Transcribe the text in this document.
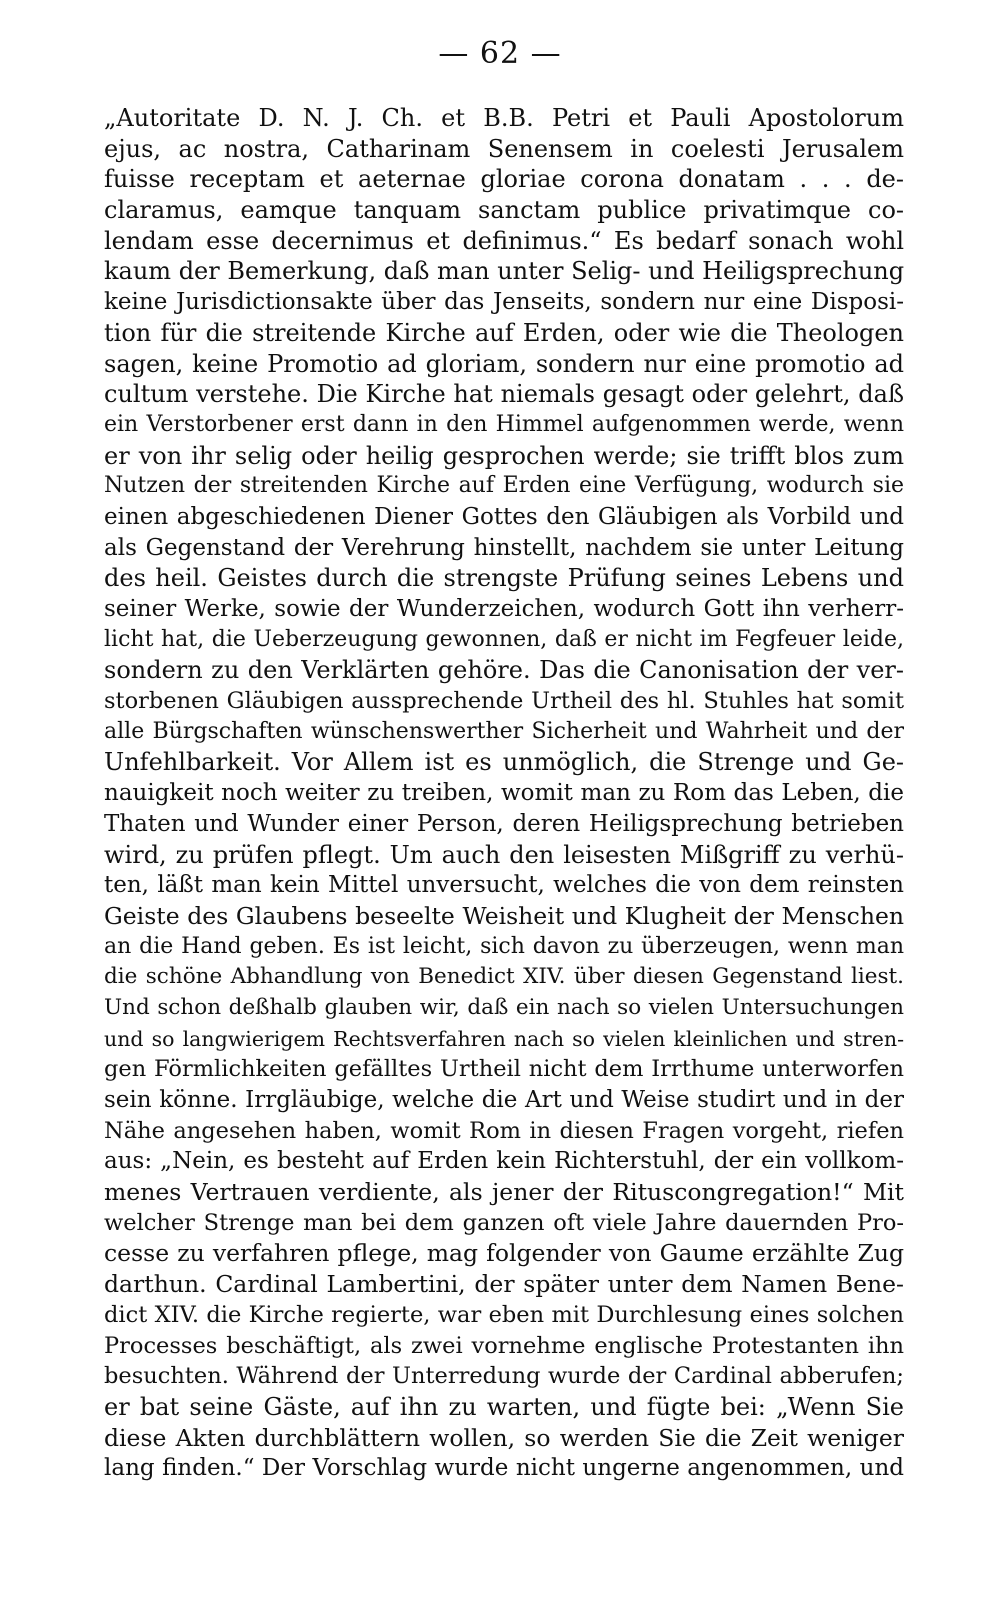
— 62 —
„Autoritate D. N. J. Ch. et B.B. Petri et Pauli Apostolorum
ejus, ac nostra, Catharinam Senensem in coelesti Jerusalem
fuisse receptam et aeternae gloriae corona donatam . . . de-
claramus, eamque tanquam sanctam publice privatimque co-
lendam esse decernimus et definimus.“ Es bedarf sonach wohl
kaum der Bemerkung, daß man unter Selig- und Heiligsprechung
keine Jurisdictionsakte über das Jenseits, sondern nur eine Disposi-
tion für die streitende Kirche auf Erden, oder wie die Theologen
sagen, keine Promotio ad gloriam, sondern nur eine promotio ad
cultum verstehe. Die Kirche hat niemals gesagt oder gelehrt, daß
ein Verstorbener erst dann in den Himmel aufgenommen werde, wenn
er von ihr selig oder heilig gesprochen werde; sie trifft blos zum
Nutzen der streitenden Kirche auf Erden eine Verfügung, wodurch sie
einen abgeschiedenen Diener Gottes den Gläubigen als Vorbild und
als Gegenstand der Verehrung hinstellt, nachdem sie unter Leitung
des heil. Geistes durch die strengste Prüfung seines Lebens und
seiner Werke, sowie der Wunderzeichen, wodurch Gott ihn verherr-
licht hat, die Ueberzeugung gewonnen, daß er nicht im Fegfeuer leide,
sondern zu den Verklärten gehöre. Das die Canonisation der ver-
storbenen Gläubigen aussprechende Urtheil des hl. Stuhles hat somit
alle Bürgschaften wünschenswerther Sicherheit und Wahrheit und der
Unfehlbarkeit. Vor Allem ist es unmöglich, die Strenge und Ge-
nauigkeit noch weiter zu treiben, womit man zu Rom das Leben, die
Thaten und Wunder einer Person, deren Heiligsprechung betrieben
wird, zu prüfen pflegt. Um auch den leisesten Mißgriff zu verhü-
ten, läßt man kein Mittel unversucht, welches die von dem reinsten
Geiste des Glaubens beseelte Weisheit und Klugheit der Menschen
an die Hand geben. Es ist leicht, sich davon zu überzeugen, wenn man
die schöne Abhandlung von Benedict XIV. über diesen Gegenstand liest.
Und schon deßhalb glauben wir, daß ein nach so vielen Untersuchungen
und so langwierigem Rechtsverfahren nach so vielen kleinlichen und stren-
gen Förmlichkeiten gefälltes Urtheil nicht dem Irrthume unterworfen
sein könne. Irrgläubige, welche die Art und Weise studirt und in der
Nähe angesehen haben, womit Rom in diesen Fragen vorgeht, riefen
aus: „Nein, es besteht auf Erden kein Richterstuhl, der ein vollkom-
menes Vertrauen verdiente, als jener der Rituscongregation!“ Mit
welcher Strenge man bei dem ganzen oft viele Jahre dauernden Pro-
cesse zu verfahren pflege, mag folgender von Gaume erzählte Zug
darthun. Cardinal Lambertini, der später unter dem Namen Bene-
dict XIV. die Kirche regierte, war eben mit Durchlesung eines solchen
Processes beschäftigt, als zwei vornehme englische Protestanten ihn
besuchten. Während der Unterredung wurde der Cardinal abberufen;
er bat seine Gäste, auf ihn zu warten, und fügte bei: „Wenn Sie
diese Akten durchblättern wollen, so werden Sie die Zeit weniger
lang finden.“ Der Vorschlag wurde nicht ungerne angenommen, und
